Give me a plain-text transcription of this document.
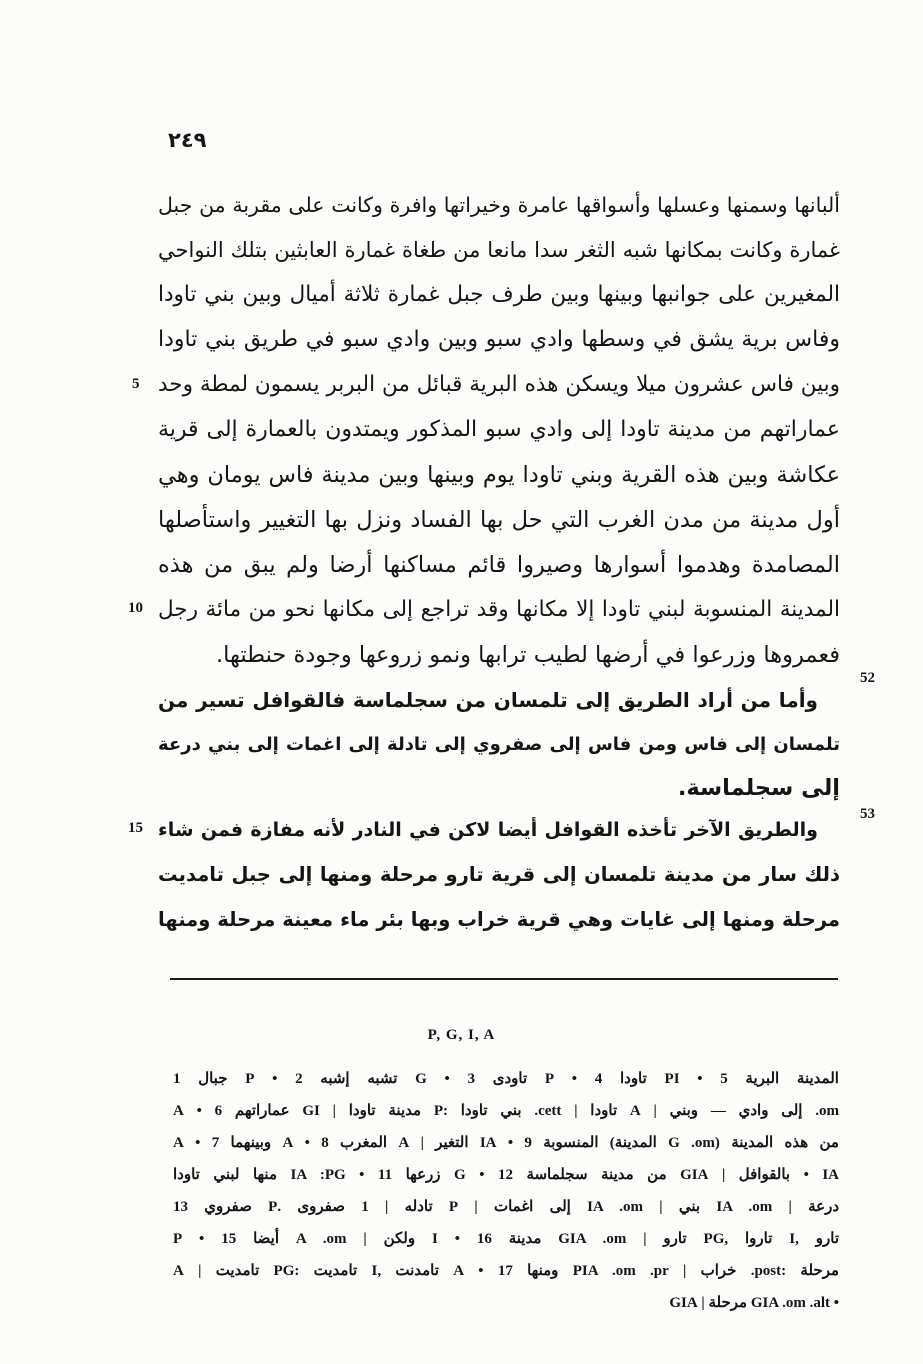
٢٤٩
ألبانها وسمنها وعسلها وأسواقها عامرة وخيراتها وافرة وكانت على مقربة من جبل
غمارة وكانت بمكانها شبه الثغر سدا مانعا من طغاة غمارة العابثين بتلك النواحي
المغيرين على جوانبها وبينها وبين طرف جبل غمارة ثلاثة أميال وبين بني تاودا
وفاس برية يشق في وسطها وادي سبو وبين وادي سبو في طريق بني تاودا
وبين فاس عشرون ميلا ويسكن هذه البرية قبائل من البربر يسمون لمطة وحد
عماراتهم من مدينة تاودا إلى وادي سبو المذكور ويمتدون بالعمارة إلى قرية
عكاشة وبين هذه القرية وبني تاودا يوم وبينها وبين مدينة فاس يومان وهي
أول مدينة من مدن الغرب التي حل بها الفساد ونزل بها التغيير واستأصلها
المصامدة وهدموا أسوارها وصيروا قائم مساكنها أرضا ولم يبق من هذه
المدينة المنسوبة لبني تاودا إلا مكانها وقد تراجع إلى مكانها نحو من مائة رجل
فعمروها وزرعوا في أرضها لطيب ترابها ونمو زروعها وجودة حنطتها.
وأما من أراد الطريق إلى تلمسان من سجلماسة فالقوافل تسير من
تلمسان إلى فاس ومن فاس إلى صفروي إلى تادلة إلى اغمات إلى بني درعة
إلى سجلماسة.
والطريق الآخر تأخذه القوافل أيضا لاكن في النادر لأنه مفازة فمن شاء
ذلك سار من مدينة تلمسان إلى قرية تارو مرحلة ومنها إلى جبل تامديت
مرحلة ومنها إلى غايات وهي قرية خراب وبها بئر ماء معينة مرحلة ومنها
5
10
15
52
53
P, G, I, A
المدينة البرية 5 • PI تاودا 4 • P تاودى 3 • G تشبه إشبه 2 • P جبال 1
om. إلى وادي — وبني | A تاودا | cett. بني تاودا :P مدينة تاودا | GI عماراتهم 6 • A
من هذه المدينة (G .om المدينة) المنسوبة 9 • IA التغير | A المغرب 8 • A وبينهما 7 • A
IA • بالقوافل | GIA من مدينة سجلماسة 12 • G زرعها 11 • IA :PG منها لبني تاودا
درعة | IA .om بني | IA .om إلى اغمات | P تادله | 1 صفروى .P صفروي 13
تارو ,I تاروا ,PG تارو | GIA .om مدينة 16 • I ولكن | A .om أيضا 15 • P
مرحلة :post. خراب | PIA .om .pr ومنها 17 • A تامدنت ,I تامديت :PG تامديت | A
• GIA .om .alt مرحلة | GIA
